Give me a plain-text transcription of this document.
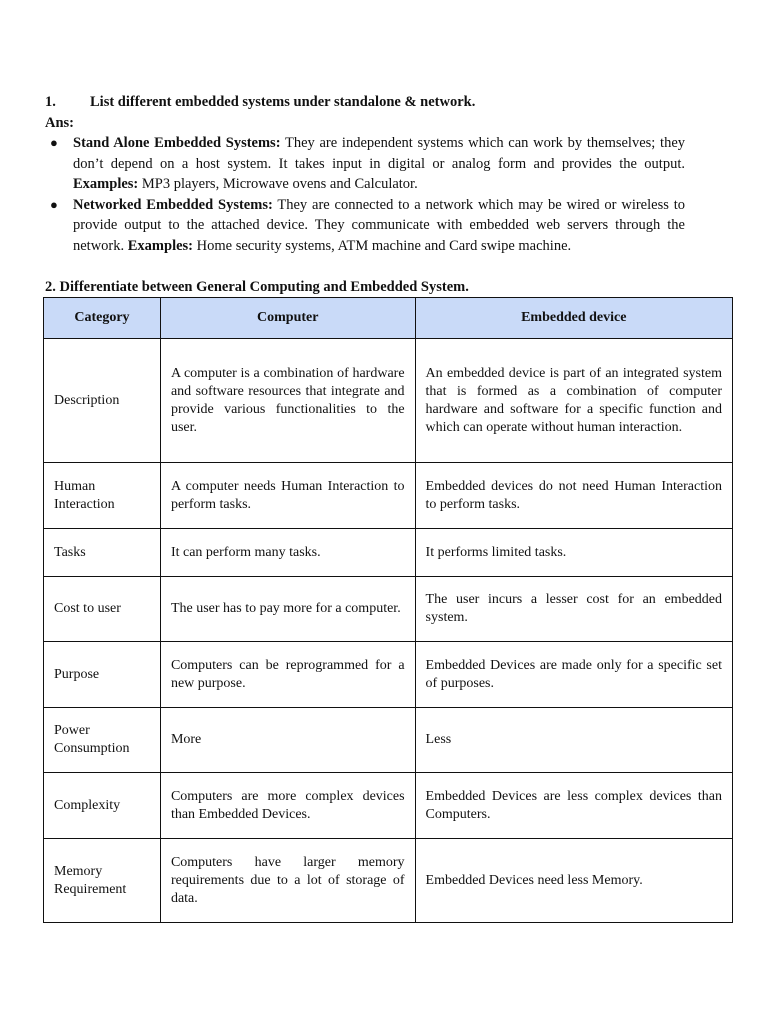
1. List different embedded systems under standalone & network.
Ans:
● Stand Alone Embedded Systems: They are independent systems which can work by themselves; they don’t depend on a host system. It takes input in digital or analog form and provides the output. Examples: MP3 players, Microwave ovens and Calculator.
● Networked Embedded Systems: They are connected to a network which may be wired or wireless to provide output to the attached device. They communicate with embedded web servers through the network. Examples: Home security systems, ATM machine and Card swipe machine.
2. Differentiate between General Computing and Embedded System.
Category	Computer	Embedded device
Description	A computer is a combination of hardware and software resources that integrate and provide various functionalities to the user.	An embedded device is part of an integrated system that is formed as a combination of computer hardware and software for a specific function and which can operate without human interaction.
Human Interaction	A computer needs Human Interaction to perform tasks.	Embedded devices do not need Human Interaction to perform tasks.
Tasks	It can perform many tasks.	It performs limited tasks.
Cost to user	The user has to pay more for a computer.	The user incurs a lesser cost for an embedded system.
Purpose	Computers can be reprogrammed for a new purpose.	Embedded Devices are made only for a specific set of purposes.
Power Consumption	More	Less
Complexity	Computers are more complex devices than Embedded Devices.	Embedded Devices are less complex devices than Computers.
Memory Requirement	Computers have larger memory requirements due to a lot of storage of data.	Embedded Devices need less Memory.
